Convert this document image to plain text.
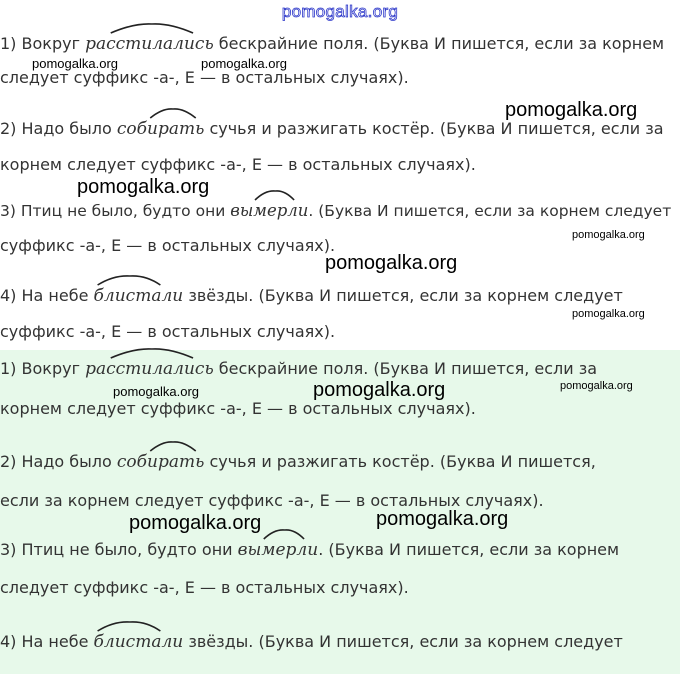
pomogalka.org
1) Вокруг
расстилались бескрайние поля. (Буква И пишется, если за корнем
следует суффикс -а-, Е — в остальных случаях).
2) Надо было
собирать сучья и разжигать костёр. (Буква И пишется, если за
корнем следует суффикс -а-, Е — в остальных случаях).
3) Птиц не было, будто они
вымерли. (Буква И пишется, если за корнем следует
суффикс -а-, Е — в остальных случаях).
4) На небе
блистали звёзды. (Буква И пишется, если за корнем следует
суффикс -а-, Е — в остальных случаях).
1) Вокруг
расстилались бескрайние поля. (Буква И пишется, если за
корнем следует суффикс -а-, Е — в остальных случаях).
2) Надо было
собирать сучья и разжигать костёр. (Буква И пишется,
если за корнем следует суффикс -а-, Е — в остальных случаях).
3) Птиц не было, будто они
вымерли. (Буква И пишется, если за корнем
следует суффикс -а-, Е — в остальных случаях).
4) На небе
блистали звёзды. (Буква И пишется, если за корнем следует
pomogalka.org	pomogalka.org
pomogalka.org
pomogalka.org
pomogalka.org
pomogalka.org
pomogalka.org
pomogalka.org	pomogalka.org	pomogalka.org
pomogalka.org	pomogalka.org
